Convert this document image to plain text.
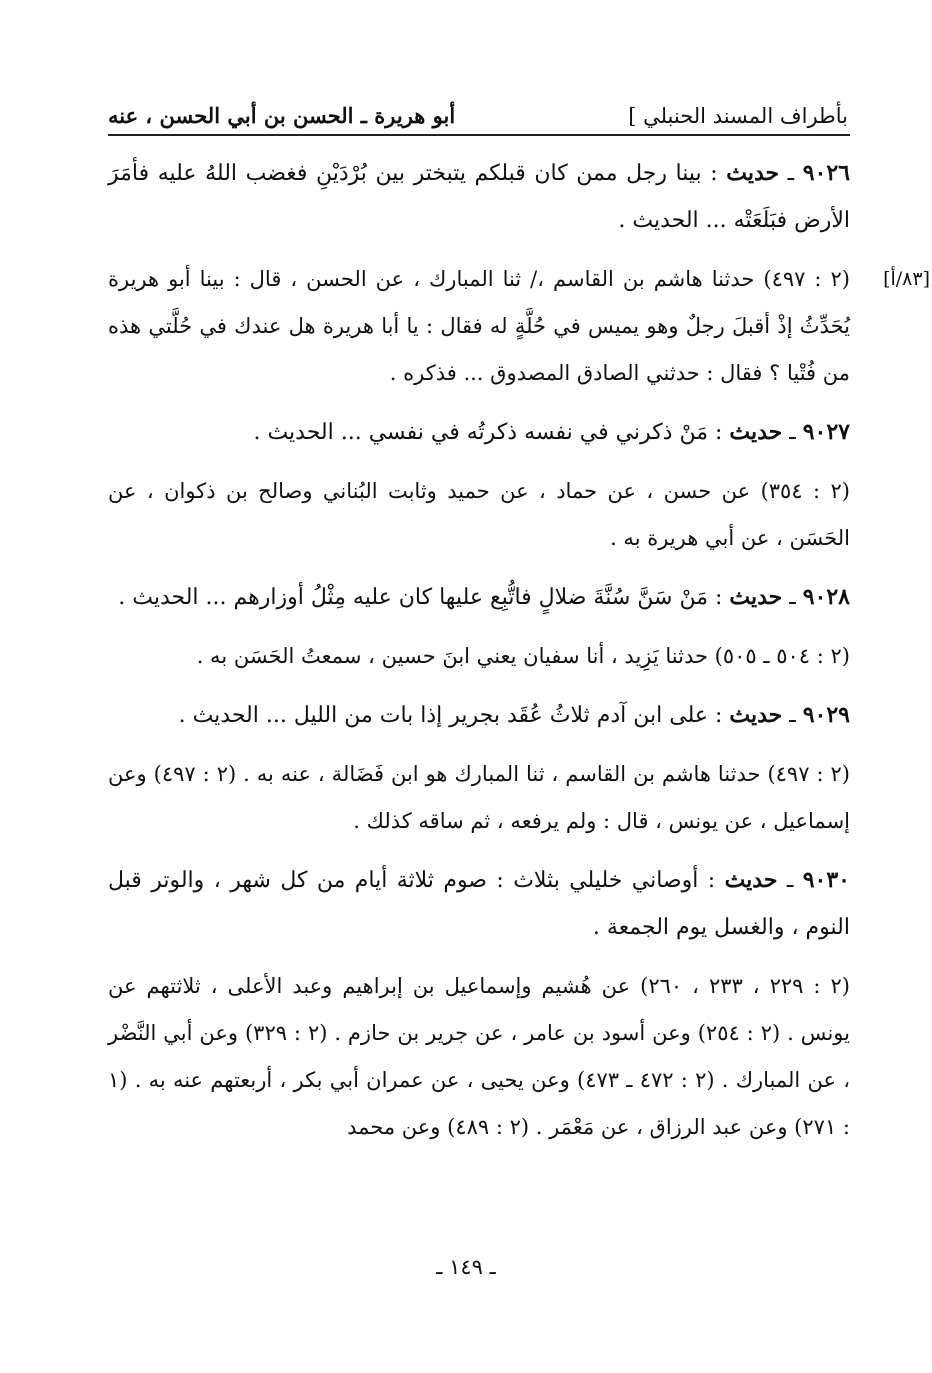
بأطراف المسند الحنبلي ]
أبو هريرة ـ الحسن بن أبي الحسن ، عنه
٩٠٢٦ ـ حديث : بينا رجل ممن كان قبلكم يتبختر بين بُرْدَيْنِ فغضب اللهُ عليه فأمَرَ الأرض فبَلَعَتْه ... الحديث .
[٨٣/أ]
(٢ : ٤٩٧) حدثنا هاشم بن القاسم ،/ ثنا المبارك ، عن الحسن ، قال : بينا أبو هريرة يُحَدِّثُ إذْ أقبلَ رجلٌ وهو يميس في حُلَّةٍ له فقال : يا أبا هريرة هل عندك في حُلَّتي هذه من فُتْيا ؟ فقال : حدثني الصادق المصدوق ... فذكره .
٩٠٢٧ ـ حديث : مَنْ ذكرني في نفسه ذكرتُه في نفسي ... الحديث .
(٢ : ٣٥٤) عن حسن ، عن حماد ، عن حميد وثابت البُناني وصالح بن ذكوان ، عن الحَسَن ، عن أبي هريرة به .
٩٠٢٨ ـ حديث : مَنْ سَنَّ سُنَّةَ ضلالٍ فاتُّبِع عليها كان عليه مِثْلُ أوزارهم ... الحديث .
(٢ : ٥٠٤ ـ ٥٠٥) حدثنا يَزِيد ، أنا سفيان يعني ابنَ حسين ، سمعتُ الحَسَن به .
٩٠٢٩ ـ حديث : على ابن آدم ثلاثُ عُقَد بجرير إذا بات من الليل ... الحديث .
(٢ : ٤٩٧) حدثنا هاشم بن القاسم ، ثنا المبارك هو ابن فَضَالة ، عنه به . (٢ : ٤٩٧) وعن إسماعيل ، عن يونس ، قال : ولم يرفعه ، ثم ساقه كذلك .
٩٠٣٠ ـ حديث : أوصاني خليلي بثلاث : صوم ثلاثة أيام من كل شهر ، والوتر قبل النوم ، والغسل يوم الجمعة .
(٢ : ٢٢٩ ، ٢٣٣ ، ٢٦٠) عن هُشيم وإسماعيل بن إبراهيم وعبد الأعلى ، ثلاثتهم عن يونس . (٢ : ٢٥٤) وعن أسود بن عامر ، عن جرير بن حازم . (٢ : ٣٢٩) وعن أبي النَّضْر ، عن المبارك . (٢ : ٤٧٢ ـ ٤٧٣) وعن يحيى ، عن عمران أبي بكر ، أربعتهم عنه به . (١ : ٢٧١) وعن عبد الرزاق ، عن مَعْمَر . (٢ : ٤٨٩) وعن محمد
ـ ١٤٩ ـ
